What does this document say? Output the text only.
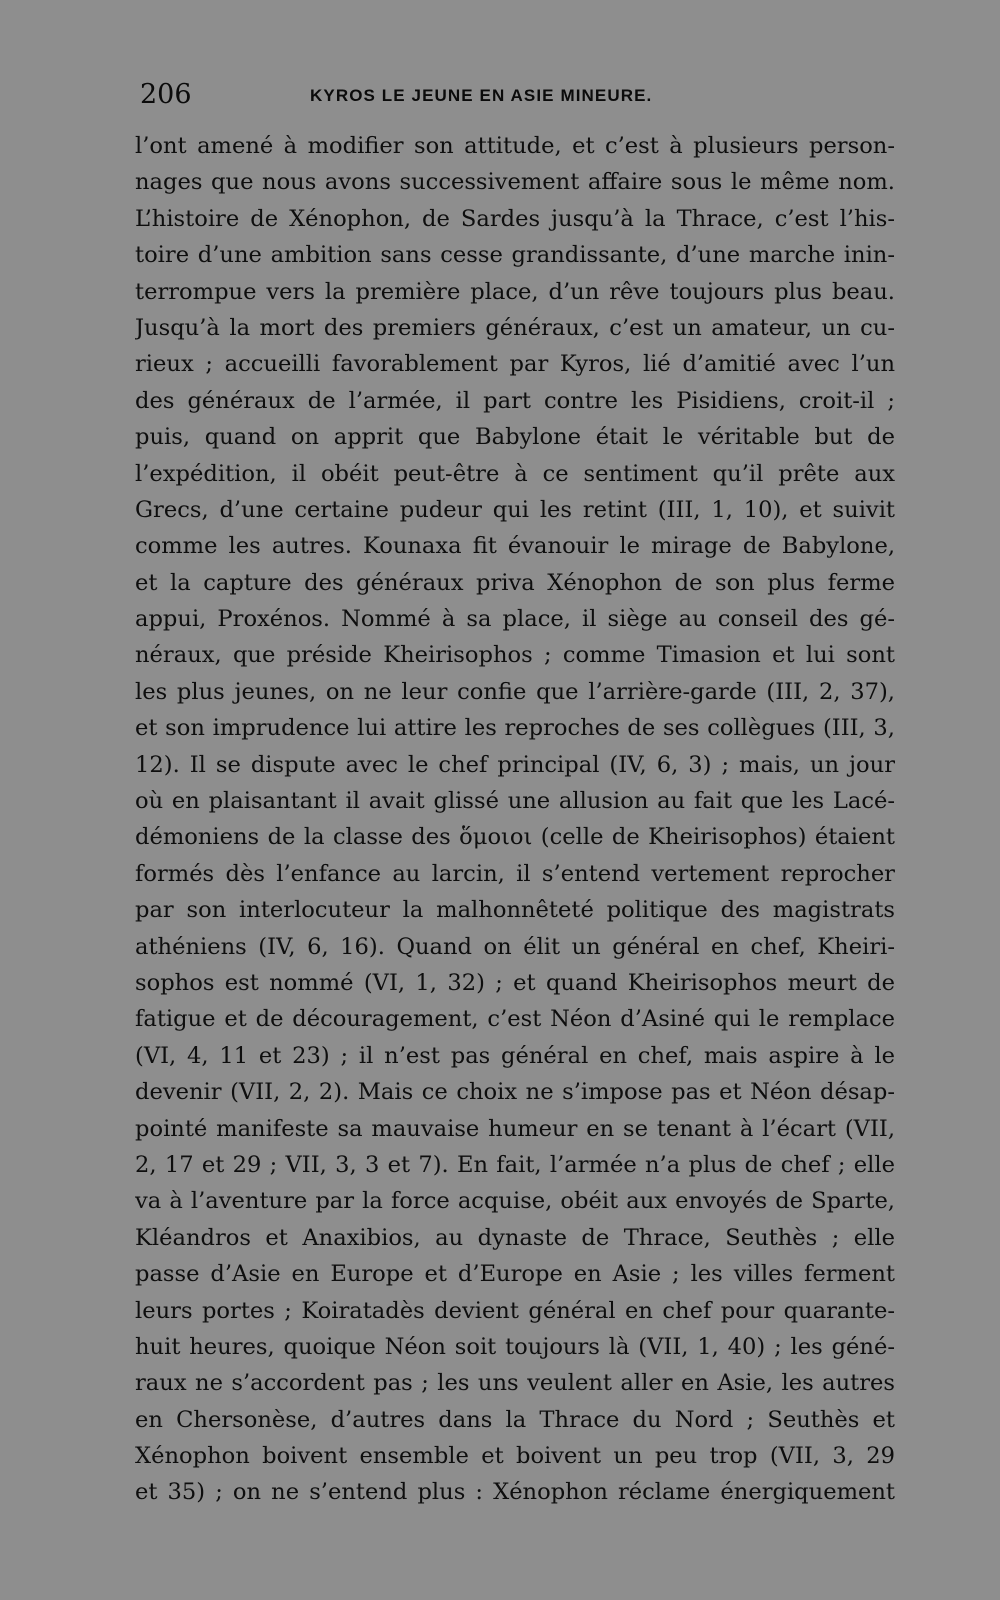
206	KYROS LE JEUNE EN ASIE MINEURE.
l’ont amené à modifier son attitude, et c’est à plusieurs person-
nages que nous avons successivement affaire sous le même nom.
L’histoire de Xénophon, de Sardes jusqu’à la Thrace, c’est l’his-
toire d’une ambition sans cesse grandissante, d’une marche inin-
terrompue vers la première place, d’un rêve toujours plus beau.
Jusqu’à la mort des premiers généraux, c’est un amateur, un cu-
rieux ; accueilli favorablement par Kyros, lié d’amitié avec l’un
des généraux de l’armée, il part contre les Pisidiens, croit-il ;
puis, quand on apprit que Babylone était le véritable but de
l’expédition, il obéit peut-être à ce sentiment qu’il prête aux
Grecs, d’une certaine pudeur qui les retint (III, 1, 10), et suivit
comme les autres. Kounaxa fit évanouir le mirage de Babylone,
et la capture des généraux priva Xénophon de son plus ferme
appui, Proxénos. Nommé à sa place, il siège au conseil des gé-
néraux, que préside Kheirisophos ; comme Timasion et lui sont
les plus jeunes, on ne leur confie que l’arrière-garde (III, 2, 37),
et son imprudence lui attire les reproches de ses collègues (III, 3,
12). Il se dispute avec le chef principal (IV, 6, 3) ; mais, un jour
où en plaisantant il avait glissé une allusion au fait que les Lacé-
démoniens de la classe des ὅμοιοι (celle de Kheirisophos) étaient
formés dès l’enfance au larcin, il s’entend vertement reprocher
par son interlocuteur la malhonnêteté politique des magistrats
athéniens (IV, 6, 16). Quand on élit un général en chef, Kheiri-
sophos est nommé (VI, 1, 32) ; et quand Kheirisophos meurt de
fatigue et de découragement, c’est Néon d’Asiné qui le remplace
(VI, 4, 11 et 23) ; il n’est pas général en chef, mais aspire à le
devenir (VII, 2, 2). Mais ce choix ne s’impose pas et Néon désap-
pointé manifeste sa mauvaise humeur en se tenant à l’écart (VII,
2, 17 et 29 ; VII, 3, 3 et 7). En fait, l’armée n’a plus de chef ; elle
va à l’aventure par la force acquise, obéit aux envoyés de Sparte,
Kléandros et Anaxibios, au dynaste de Thrace, Seuthès ; elle
passe d’Asie en Europe et d’Europe en Asie ; les villes ferment
leurs portes ; Koiratadès devient général en chef pour quarante-
huit heures, quoique Néon soit toujours là (VII, 1, 40) ; les géné-
raux ne s’accordent pas ; les uns veulent aller en Asie, les autres
en Chersonèse, d’autres dans la Thrace du Nord ; Seuthès et
Xénophon boivent ensemble et boivent un peu trop (VII, 3, 29
et 35) ; on ne s’entend plus : Xénophon réclame énergiquement
